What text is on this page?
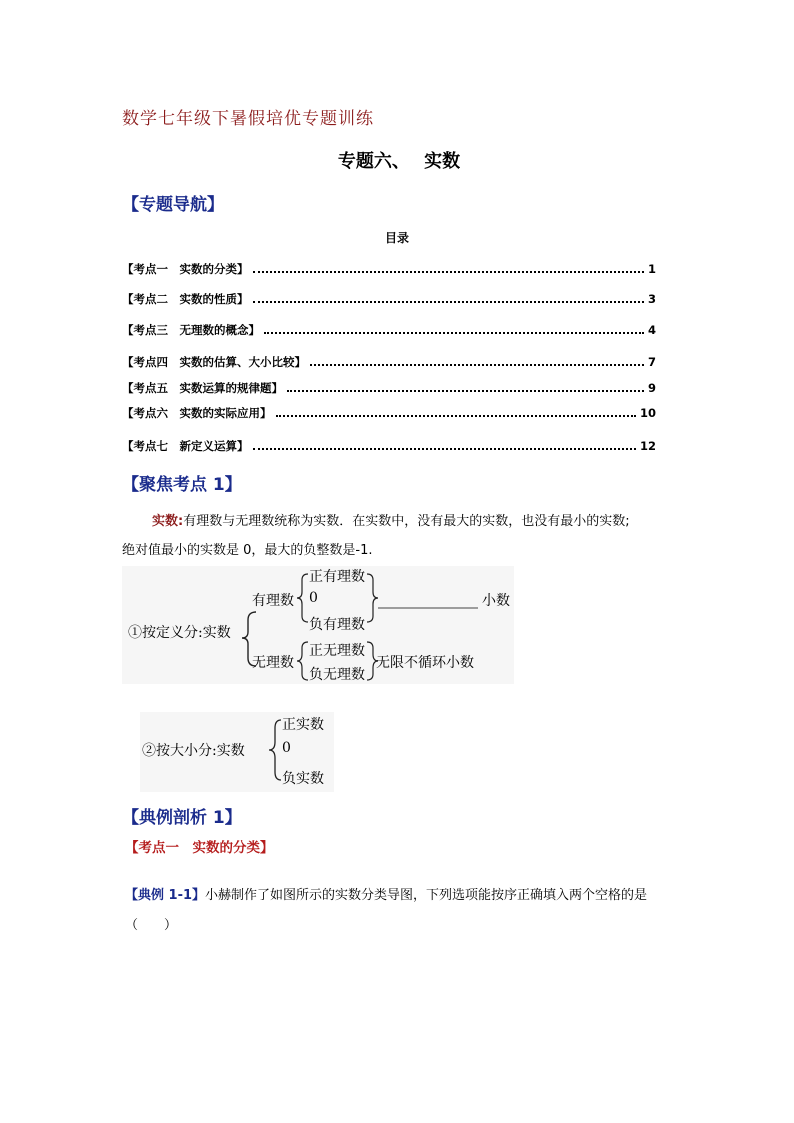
数学七年级下暑假培优专题训练
专题六、 实数
【专题导航】
目录
【考点一　实数的分类】	1
【考点二　实数的性质】	3
【考点三　无理数的概念】	4
【考点四　实数的估算、大小比较】	7
【考点五　实数运算的规律题】	9
【考点六　实数的实际应用】	10
【考点七　新定义运算】	12
【聚焦考点 1】
实数:有理数与无理数统称为实数．在实数中，没有最大的实数，也没有最小的实数;
绝对值最小的实数是 0，最大的负整数是-1.
①按定义分:实数
有理数
正有理数
0
负有理数
小数
无理数
正无理数
负无理数
无限不循环小数
②按大小分:实数
正实数
0
负实数
【典例剖析 1】
【考点一　实数的分类】
【典例 1-1】小赫制作了如图所示的实数分类导图，下列选项能按序正确填入两个空格的是
（　　）
